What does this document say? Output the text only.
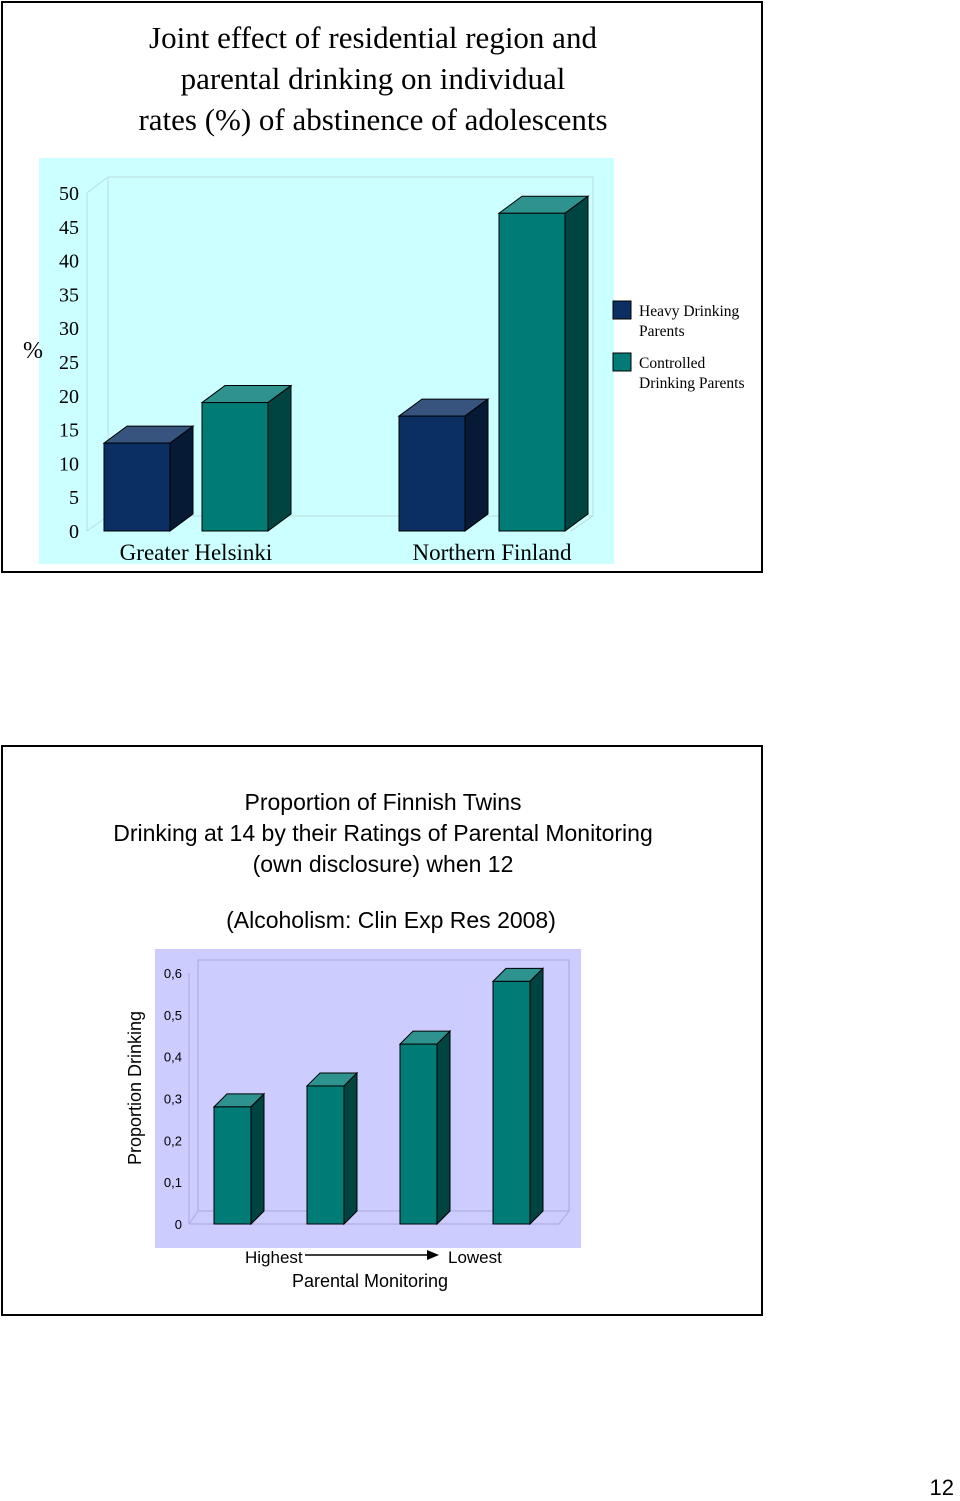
Joint effect of residential region and
parental drinking on individual
rates (%) of abstinence of adolescents
0
5
10
15
20
25
30
35
40
45
50
%
Greater Helsinki	Northern Finland
Heavy Drinking Parents
Controlled Drinking Parents
Proportion of Finnish Twins
Drinking at 14 by their Ratings of Parental Monitoring
(own disclosure) when 12
(Alcoholism: Clin Exp Res 2008)
0
0,1
0,2
0,3
0,4
0,5
0,6
Proportion Drinking
Highest	Lowest
Parental Monitoring
12
